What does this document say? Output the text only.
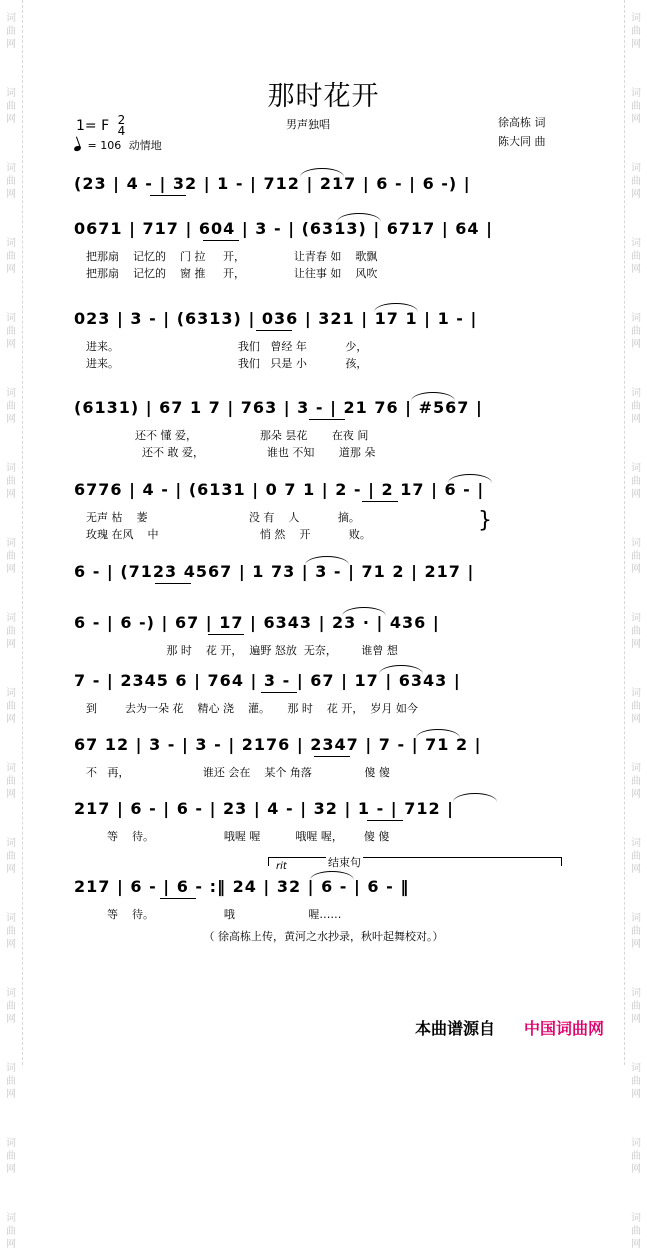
词
曲
网
词
曲
网
词
曲
网
词
曲
网
词
曲
网
词
曲
网
词
曲
网
词
曲
网
词
曲
网
词
曲
网
词
曲
网
词
曲
网
词
曲
网
词
曲
网
词
曲
网
词
曲
网
词
曲
网
词
曲
网
词
曲
网
词
曲
网
词
曲
网
词
曲
网
词
曲
网
词
曲
网
词
曲
网
词
曲
网
词
曲
网
词
曲
网
词
曲
网
词
曲
网
词
曲
网
词
曲
网
词
曲
网
词
曲
网
那时花开
1= F 2
4
= 106 动情地
男声独唱	徐高栋 词
陈大同 曲
(23 | 4 - | 32 | 1 - | 712 | 217 | 6 - | 6 -) |
0671 | 717 | 604 | 3 - | (6313) | 6717 | 64 |
把那扇    记忆的    门 拉     开，              让青春 如    歌飘
把那扇    记忆的    窗 推     开，              让往事 如    风吹
023 | 3 - | (6313) | 036 | 321 | 17 1 | 1 - |
进来。                                  我们   曾经 年           少，
进来。                                  我们   只是 小           孩，
(6131) | 67 1 7 | 763 | 3 - | 21 76 | #567 |
还不 懂 爱，                  那朵 昙花       在夜 间
还不 敢 爱，                  谁也 不知       道那 朵
6776 | 4 - | (6131 | 0 7 1 | 2 - | 2 17 | 6 - |
无声 枯    萎                             没 有    人           摘。
玫瑰 在风    中                             悄 然    开           败。
6 - | (7123 4567 | 1 73 | 3 - | 71 2 | 217 |
6 - | 6 -) | 67 | 17 | 6343 | 23 · | 436 |
那 时    花 开，  遍野 怒放  无奈，       谁曾 想
7 - | 2345 6 | 764 | 3 - | 67 | 17 | 6343 |
到        去为一朵 花    精心 浇    灌。     那 时    花 开，  岁月 如今
67 12 | 3 - | 3 - | 2176 | 2347 | 7 - | 71 2 |
不   再，                     谁还 会在    某个 角落               傻 傻
217 | 6 - | 6 - | 23 | 4 - | 32 | 1 - | 712 |
等    待。                    哦喔 喔          哦喔 喔，      傻 傻
217 | 6 - | 6 - :‖ 24 | 32 | 6 - | 6 - ‖
等    待。                    哦                     喔……
rit	结束句
}
（ 徐高栋上传，黄河之水抄录，秋叶起舞校对。）
本曲谱源自 中国词曲网
